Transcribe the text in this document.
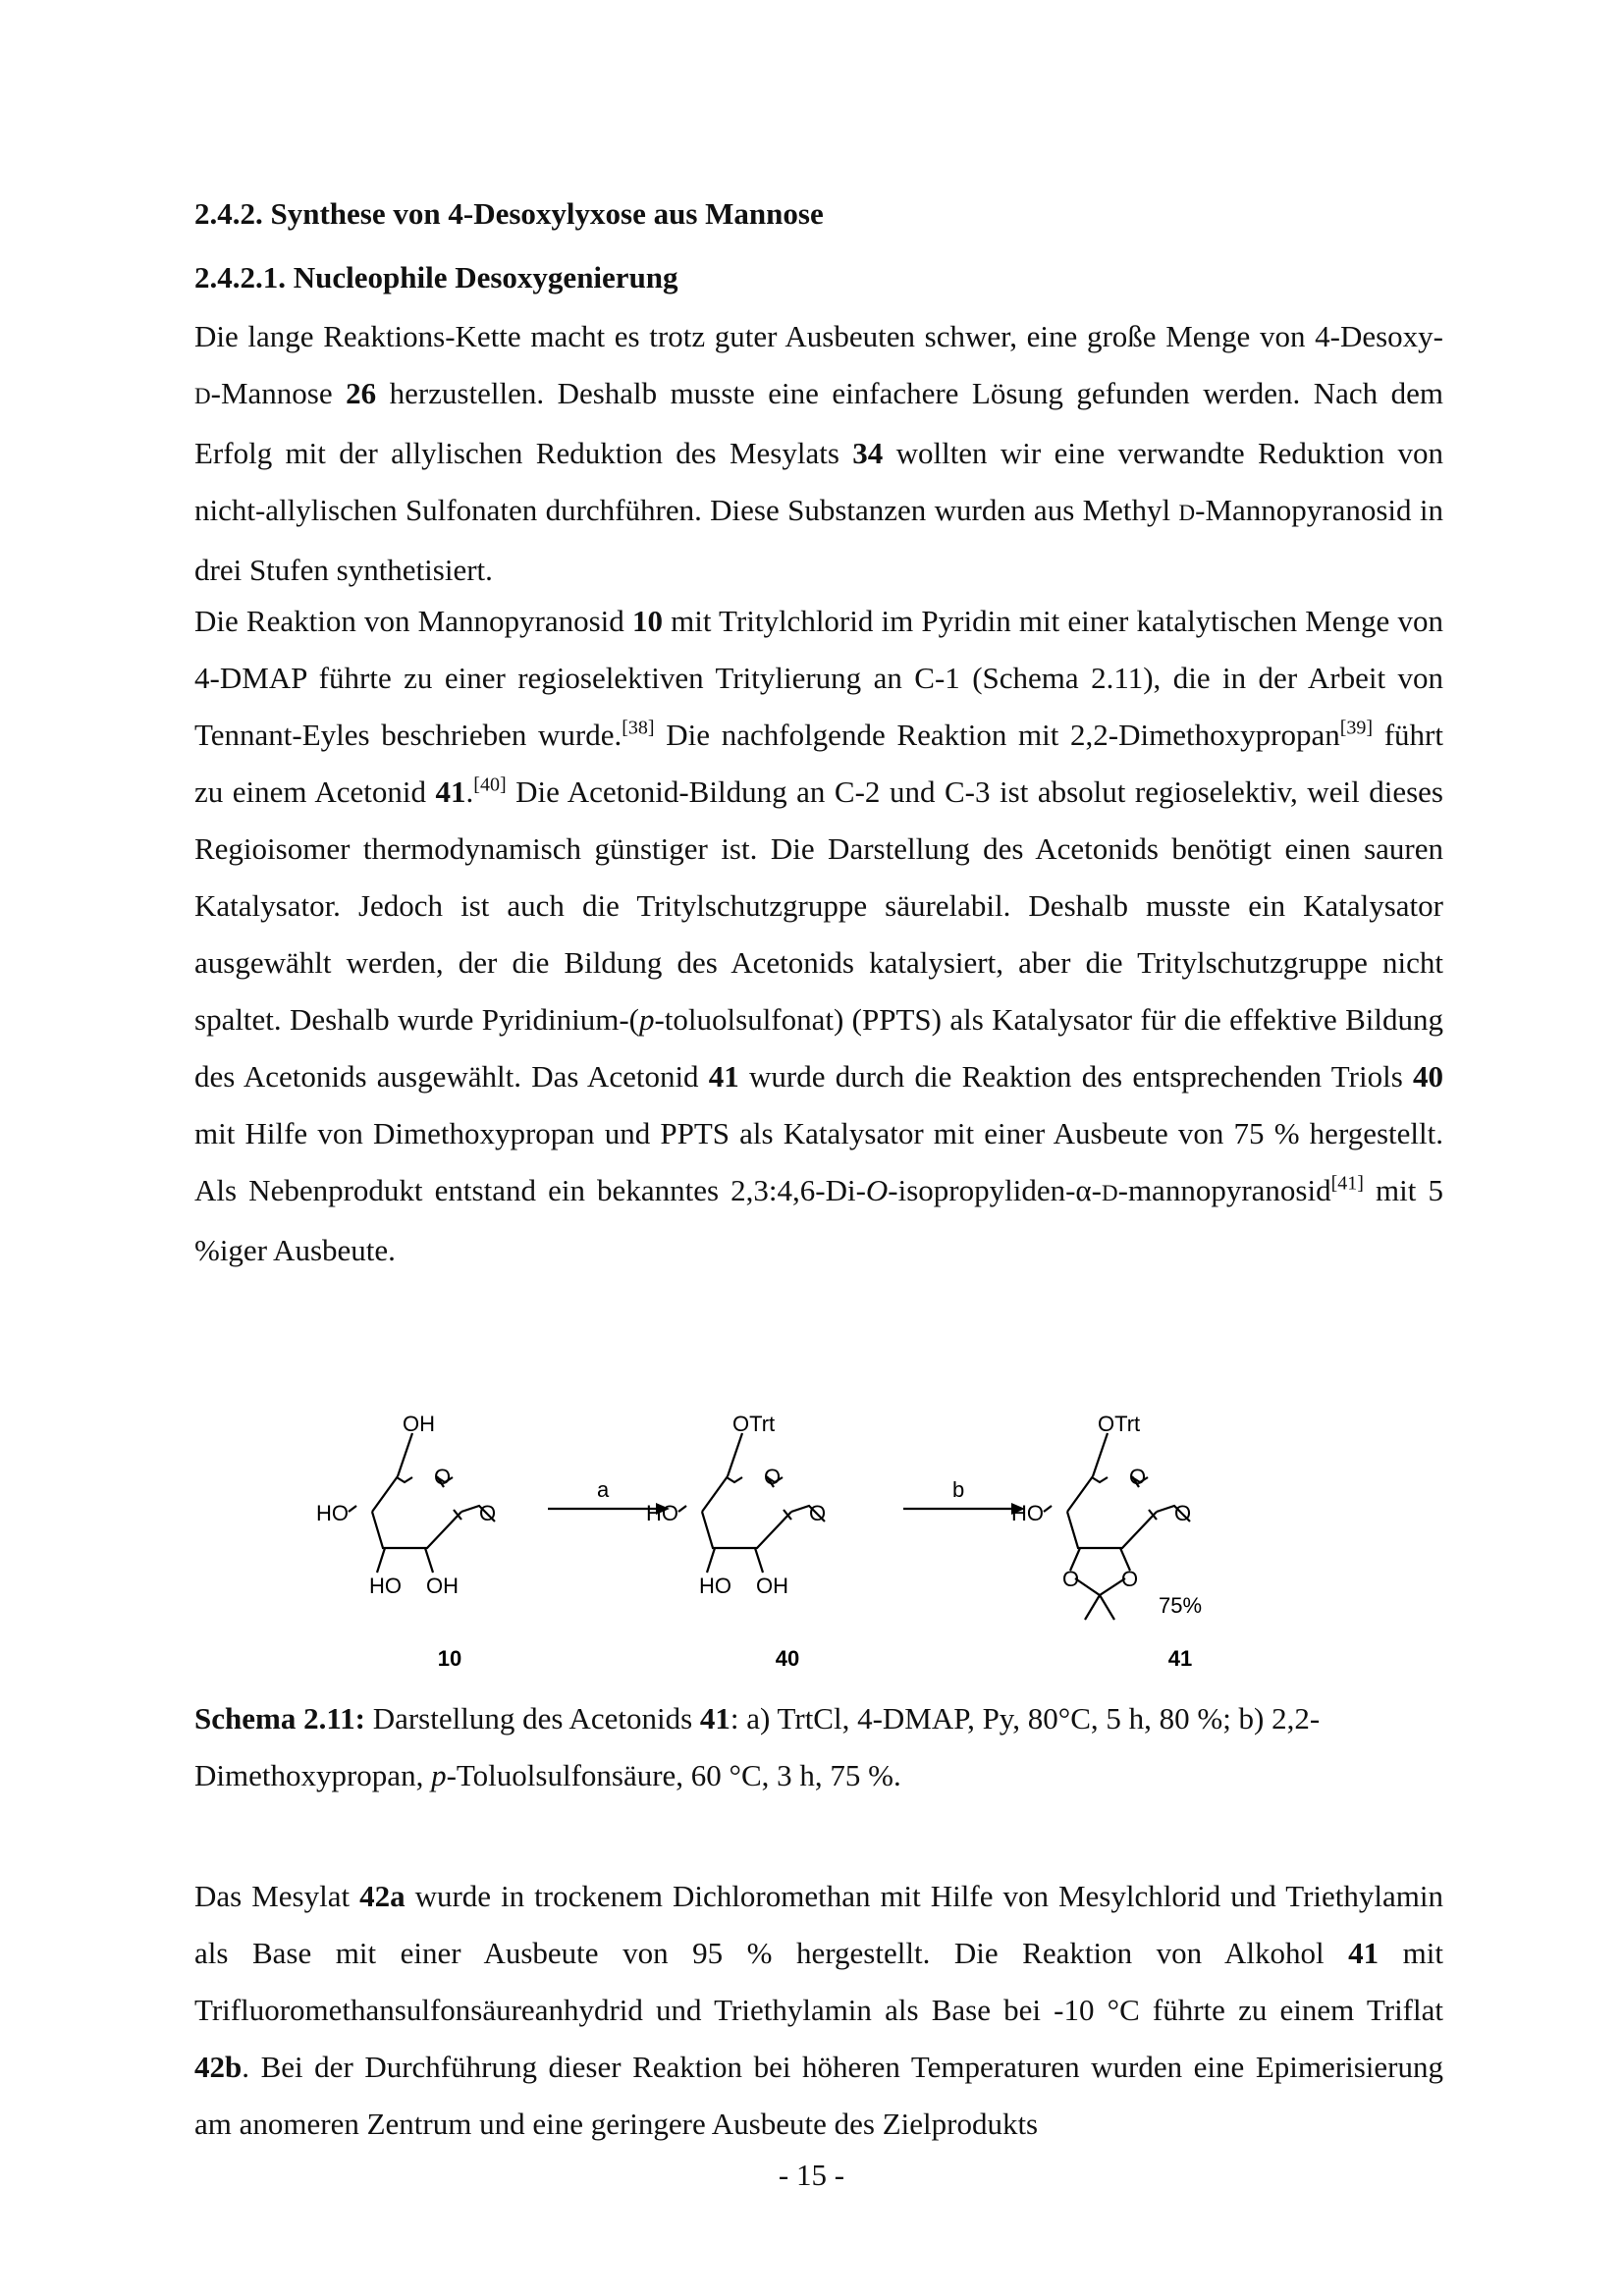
2.4.2. Synthese von 4-Desoxylyxose aus Mannose
2.4.2.1. Nucleophile Desoxygenierung

Die lange Reaktions-Kette macht es trotz guter Ausbeuten schwer, eine große Menge von 4-Desoxy-D-Mannose 26 herzustellen. Deshalb musste eine einfachere Lösung gefunden werden. Nach dem Erfolg mit der allylischen Reduktion des Mesylats 34 wollten wir eine verwandte Reduktion von nicht-allylischen Sulfonaten durchführen. Diese Substanzen wurden aus Methyl D-Mannopyranosid in drei Stufen synthetisiert.

Die Reaktion von Mannopyranosid 10 mit Tritylchlorid im Pyridin mit einer katalytischen Menge von 4-DMAP führte zu einer regioselektiven Tritylierung an C-1 (Schema 2.11), die in der Arbeit von Tennant-Eyles beschrieben wurde.[38] Die nachfolgende Reaktion mit 2,2-Dimethoxypropan[39] führt zu einem Acetonid 41.[40] Die Acetonid-Bildung an C-2 und C-3 ist absolut regioselektiv, weil dieses Regioisomer thermodynamisch günstiger ist. Die Darstellung des Acetonids benötigt einen sauren Katalysator. Jedoch ist auch die Tritylschutzgruppe säurelabil. Deshalb musste ein Katalysator ausgewählt werden, der die Bildung des Acetonids katalysiert, aber die Tritylschutzgruppe nicht spaltet. Deshalb wurde Pyridinium-(p-toluolsulfonat) (PPTS) als Katalysator für die effektive Bildung des Acetonids ausgewählt. Das Acetonid 41 wurde durch die Reaktion des entsprechenden Triols 40 mit Hilfe von Dimethoxypropan und PPTS als Katalysator mit einer Ausbeute von 75 % hergestellt. Als Nebenprodukt entstand ein bekanntes 2,3:4,6-Di-O-isopropyliden-α-D-mannopyranosid[41] mit 5 %iger Ausbeute.

OH
O
HO	O
HO OH
OTrt
O
HO	O
HO OH
OTrt
O
HO	O
O O
75%
a	b
10	40	41

Schema 2.11: Darstellung des Acetonids 41: a) TrtCl, 4-DMAP, Py, 80°C, 5 h, 80 %; b) 2,2-Dimethoxypropan, p-Toluolsulfonsäure, 60 °C, 3 h, 75 %.

Das Mesylat 42a wurde in trockenem Dichloromethan mit Hilfe von Mesylchlorid und Triethylamin als Base mit einer Ausbeute von 95 % hergestellt. Die Reaktion von Alkohol 41 mit Trifluoromethansulfonsäureanhydrid und Triethylamin als Base bei -10 °C führte zu einem Triflat 42b. Bei der Durchführung dieser Reaktion bei höheren Temperaturen wurden eine Epimerisierung am anomeren Zentrum und eine geringere Ausbeute des Zielprodukts

- 15 -
